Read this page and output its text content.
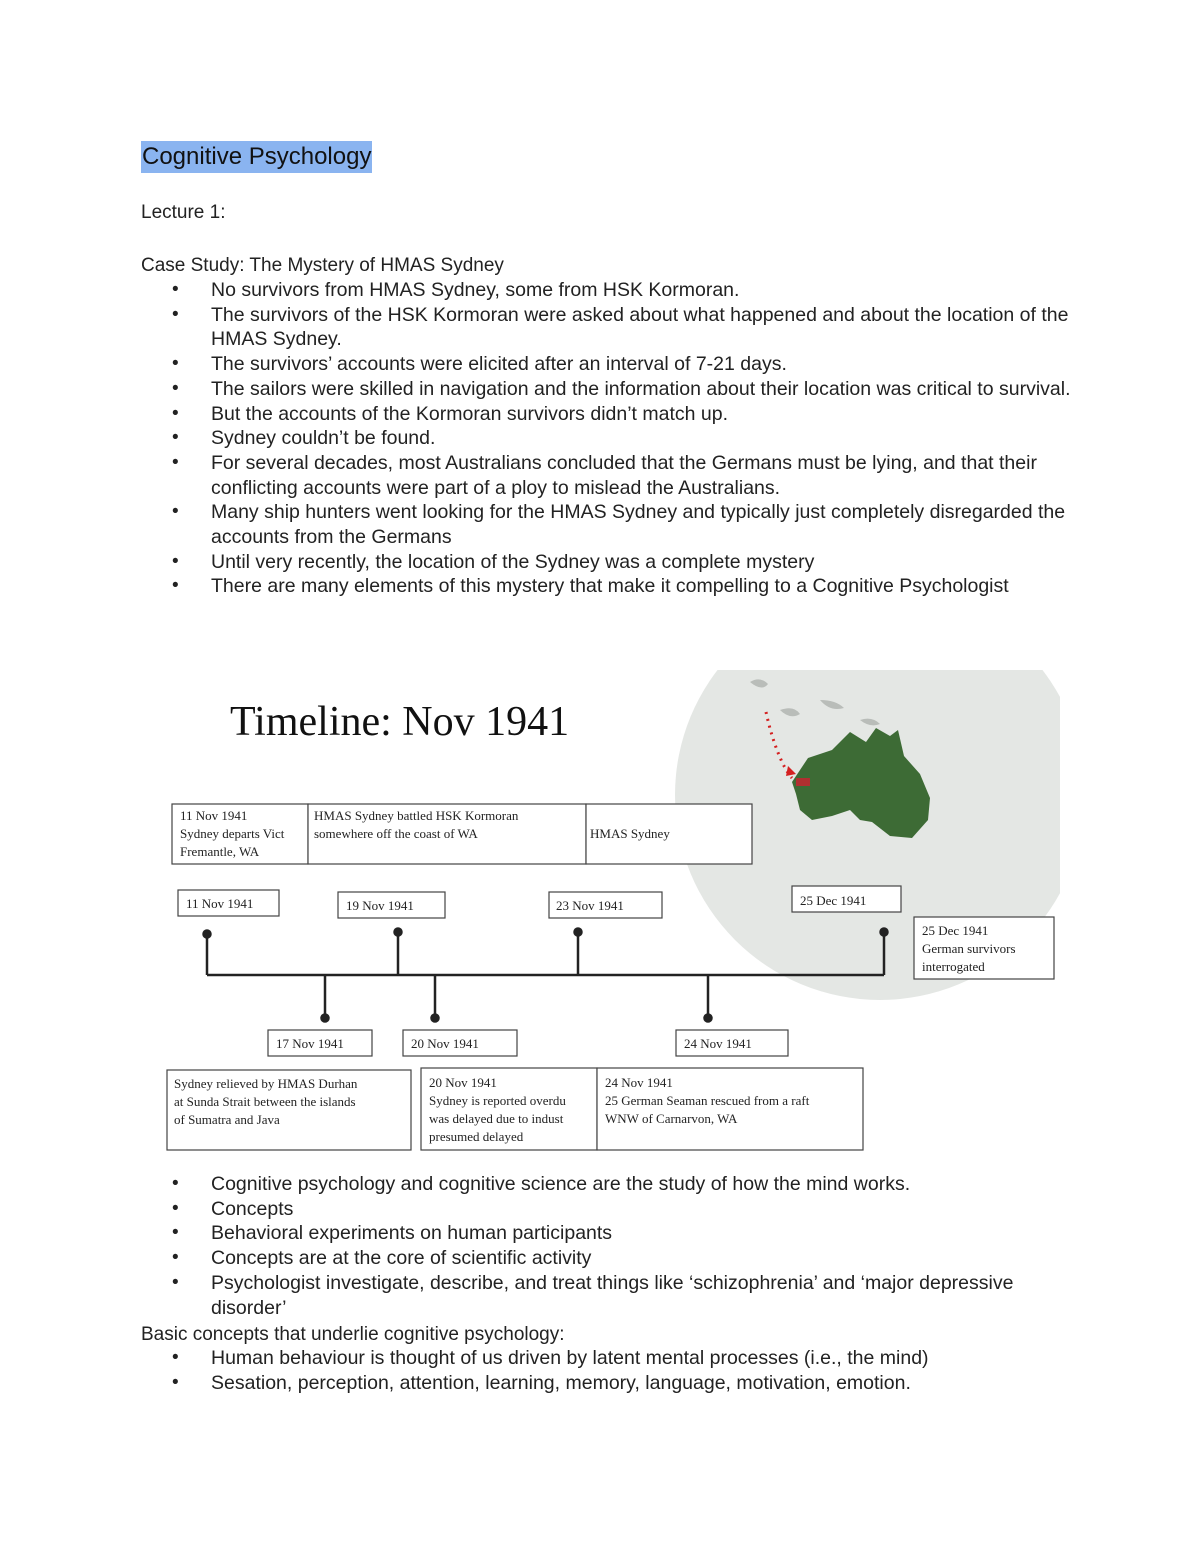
Cognitive Psychology
Lecture 1:
Case Study: The Mystery of HMAS Sydney
• No survivors from HMAS Sydney, some from HSK Kormoran.
• The survivors of the HSK Kormoran were asked about what happened and about the location of the HMAS Sydney.
• The survivors’ accounts were elicited after an interval of 7-21 days.
• The sailors were skilled in navigation and the information about their location was critical to survival.
• But the accounts of the Kormoran survivors didn’t match up.
• Sydney couldn’t be found.
• For several decades, most Australians concluded that the Germans must be lying, and that their conflicting accounts were part of a ploy to mislead the Australians.
• Many ship hunters went looking for the HMAS Sydney and typically just completely disregarded the accounts from the Germans
• Until very recently, the location of the Sydney was a complete mystery
• There are many elements of this mystery that make it compelling to a Cognitive Psychologist
Timeline: Nov 1941
11 Nov 1941 Sydney departs Vict Fremantle, WA
HMAS Sydney battled HSK Kormoran somewhere off the coast of WA	HMAS Sydney
11 Nov 1941	19 Nov 1941	23 Nov 1941	25 Dec 1941
25 Dec 1941 German survivors interrogated
17 Nov 1941	20 Nov 1941	24 Nov 1941
Sydney relieved by HMAS Durhan at Sunda Strait between the islands of Sumatra and Java
20 Nov 1941 Sydney is reported overdu was delayed due to indust presumed delayed
24 Nov 1941 25 German Seaman rescued from a raft WNW of Carnarvon, WA
• Cognitive psychology and cognitive science are the study of how the mind works.
• Concepts
• Behavioral experiments on human participants
• Concepts are at the core of scientific activity
• Psychologist investigate, describe, and treat things like ‘schizophrenia’ and ‘major depressive disorder’
Basic concepts that underlie cognitive psychology:
• Human behaviour is thought of us driven by latent mental processes (i.e., the mind)
• Sesation, perception, attention, learning, memory, language, motivation, emotion.
